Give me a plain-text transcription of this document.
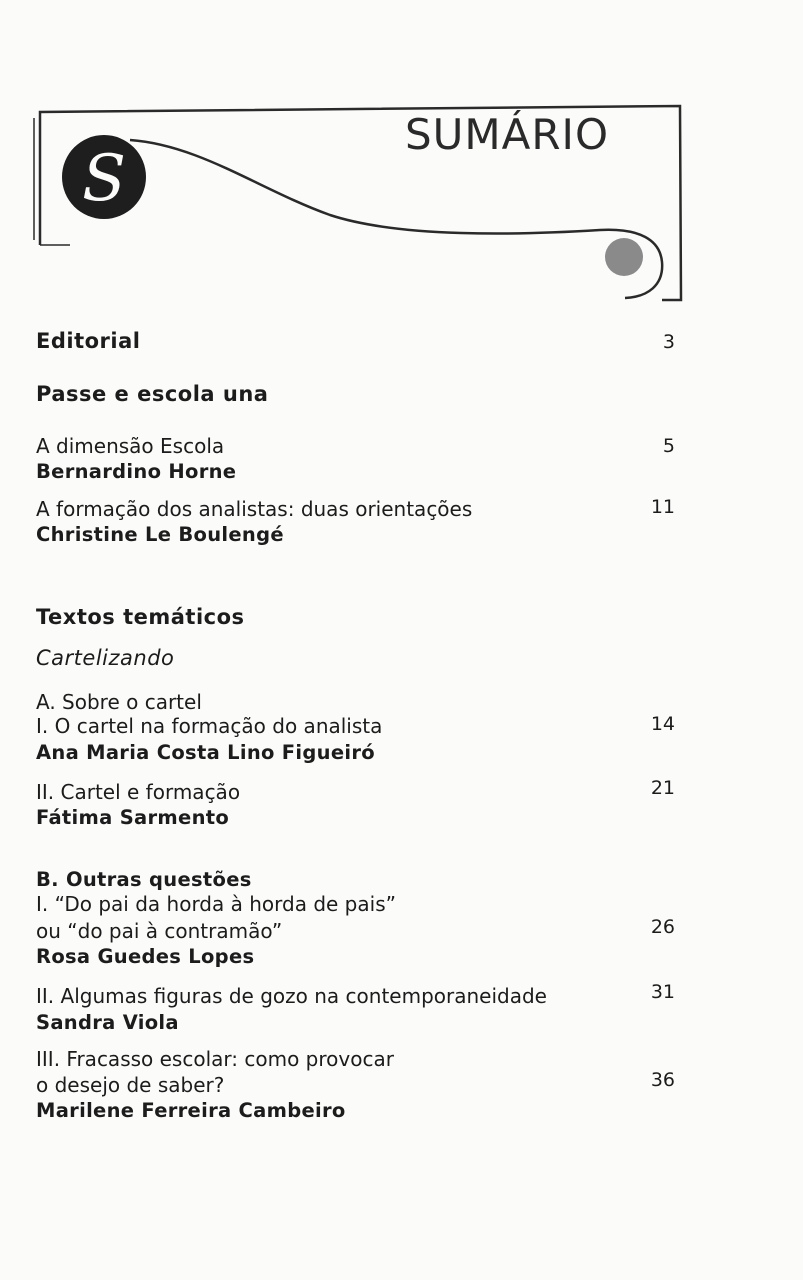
S
SUMÁRIO
Editorial	3
Passe e escola una
A dimensão Escola
Bernardino Horne
5
A formação dos analistas: duas orientações
Christine Le Boulengé
11
Textos temáticos
Cartelizando
A. Sobre o cartel
I. O cartel na formação do analista
Ana Maria Costa Lino Figueiró
14
II. Cartel e formação
Fátima Sarmento
21
B. Outras questões
I. “Do pai da horda à horda de pais”
ou “do pai à contramão”
Rosa Guedes Lopes
26
II. Algumas figuras de gozo na contemporaneidade
Sandra Viola
31
III. Fracasso escolar: como provocar
o desejo de saber?
Marilene Ferreira Cambeiro
36
